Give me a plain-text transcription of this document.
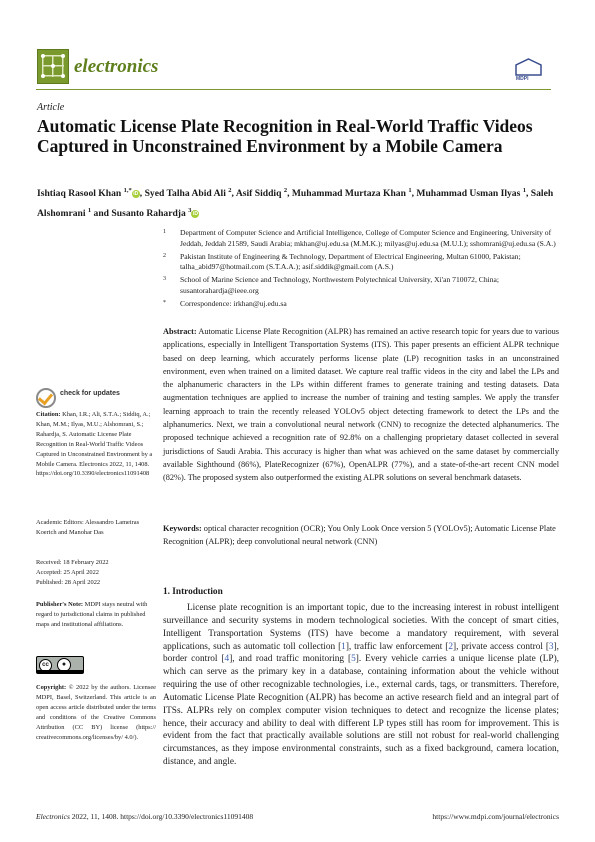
electronics
MDPI
Article
Automatic License Plate Recognition in Real-World Traffic Videos Captured in Unconstrained Environment by a Mobile Camera
Ishtiaq Rasool Khan $^{1,*}$iD , Syed Talha Abid Ali $^2$, Asif Siddiq $^2$, Muhammad Murtaza Khan $^1$, Muhammad Usman Ilyas $^1$, Saleh Alshomrani $^1$ and Susanto Rahardja $^3$iD
1 Department of Computer Science and Artificial Intelligence, College of Computer Science and Engineering, University of Jeddah, Jeddah 21589, Saudi Arabia; mkhan@uj.edu.sa (M.M.K.); milyas@uj.edu.sa (M.U.I.); sshomrani@uj.edu.sa (S.A.)
2 Pakistan Institute of Engineering & Technology, Department of Electrical Engineering, Multan 61000, Pakistan; talha_abid97@hotmail.com (S.T.A.A.); asif.siddik@gmail.com (A.S.)
3 School of Marine Science and Technology, Northwestern Polytechnical University, Xi'an 710072, China; susantorahardja@ieee.org
* Correspondence: irkhan@uj.edu.sa
Abstract: Automatic License Plate Recognition (ALPR) has remained an active research topic for years due to various applications, especially in Intelligent Transportation Systems (ITS). This paper presents an efficient ALPR technique based on deep learning, which accurately performs license plate (LP) recognition tasks in an unconstrained environment, even when trained on a limited dataset. We capture real traffic videos in the city and label the LPs and the alphanumeric characters in the LPs within different frames to generate training and testing datasets. Data augmentation techniques are applied to increase the number of training and testing samples. We apply the transfer learning approach to train the recently released YOLOv5 object detecting framework to detect the LPs and the alphanumerics. Next, we train a convolutional neural network (CNN) to recognize the detected alphanumerics. The proposed technique achieved a recognition rate of 92.8% on a challenging proprietary dataset collected in several jurisdictions of Saudi Arabia. This accuracy is higher than what was achieved on the same dataset by commercially available Sighthound (86%), PlateRecognizer (67%), OpenALPR (77%), and a state-of-the-art recent CNN model (82%). The proposed system also outperformed the existing ALPR solutions on several benchmark datasets.
Keywords: optical character recognition (OCR); You Only Look Once version 5 (YOLOv5); Automatic License Plate Recognition (ALPR); deep convolutional neural network (CNN)
check for updates
Citation: Khan, I.R.; Ali, S.T.A.; Siddiq, A.; Khan, M.M.; Ilyas, M.U.; Alshomrani, S.; Rahardja, S. Automatic License Plate Recognition in Real-World Traffic Videos Captured in Unconstrained Environment by a Mobile Camera. Electronics 2022, 11, 1408. https://doi.org/10.3390/electronics11091408
Academic Editors: Alessandro Lameiras Koerich and Manohar Das
Received: 18 February 2022
Accepted: 25 April 2022
Published: 28 April 2022
Publisher's Note: MDPI stays neutral with regard to jurisdictional claims in published maps and institutional affiliations.
cc	●
Copyright: © 2022 by the authors. Licensee MDPI, Basel, Switzerland. This article is an open access article distributed under the terms and conditions of the Creative Commons Attribution (CC BY) license (https:// creativecommons.org/licenses/by/ 4.0/).
1. Introduction
License plate recognition is an important topic, due to the increasing interest in robust intelligent surveillance and security systems in modern technological societies. With the concept of smart cities, Intelligent Transportation Systems (ITS) have become a mandatory requirement, with several applications, such as automatic toll collection [1], traffic law enforcement [2], private access control [3], border control [4], and road traffic monitoring [5]. Every vehicle carries a unique license plate (LP), which can serve as the primary key in a database, containing information about the vehicle without requiring the use of other recognizable technologies, i.e., external cards, tags, or transmitters. Therefore, Automatic License Plate Recognition (ALPR) has become an active research field and an integral part of ITSs. ALPRs rely on complex computer vision techniques to detect and recognize the license plates; hence, their accuracy and ability to deal with different LP types still has room for improvement. This is evident from the fact that practically available solutions are still not robust for real-world challenging circumstances, as they impose environmental constraints, such as a fixed background, camera location, distance, and angle.
Electronics 2022, 11, 1408. https://doi.org/10.3390/electronics11091408	https://www.mdpi.com/journal/electronics
